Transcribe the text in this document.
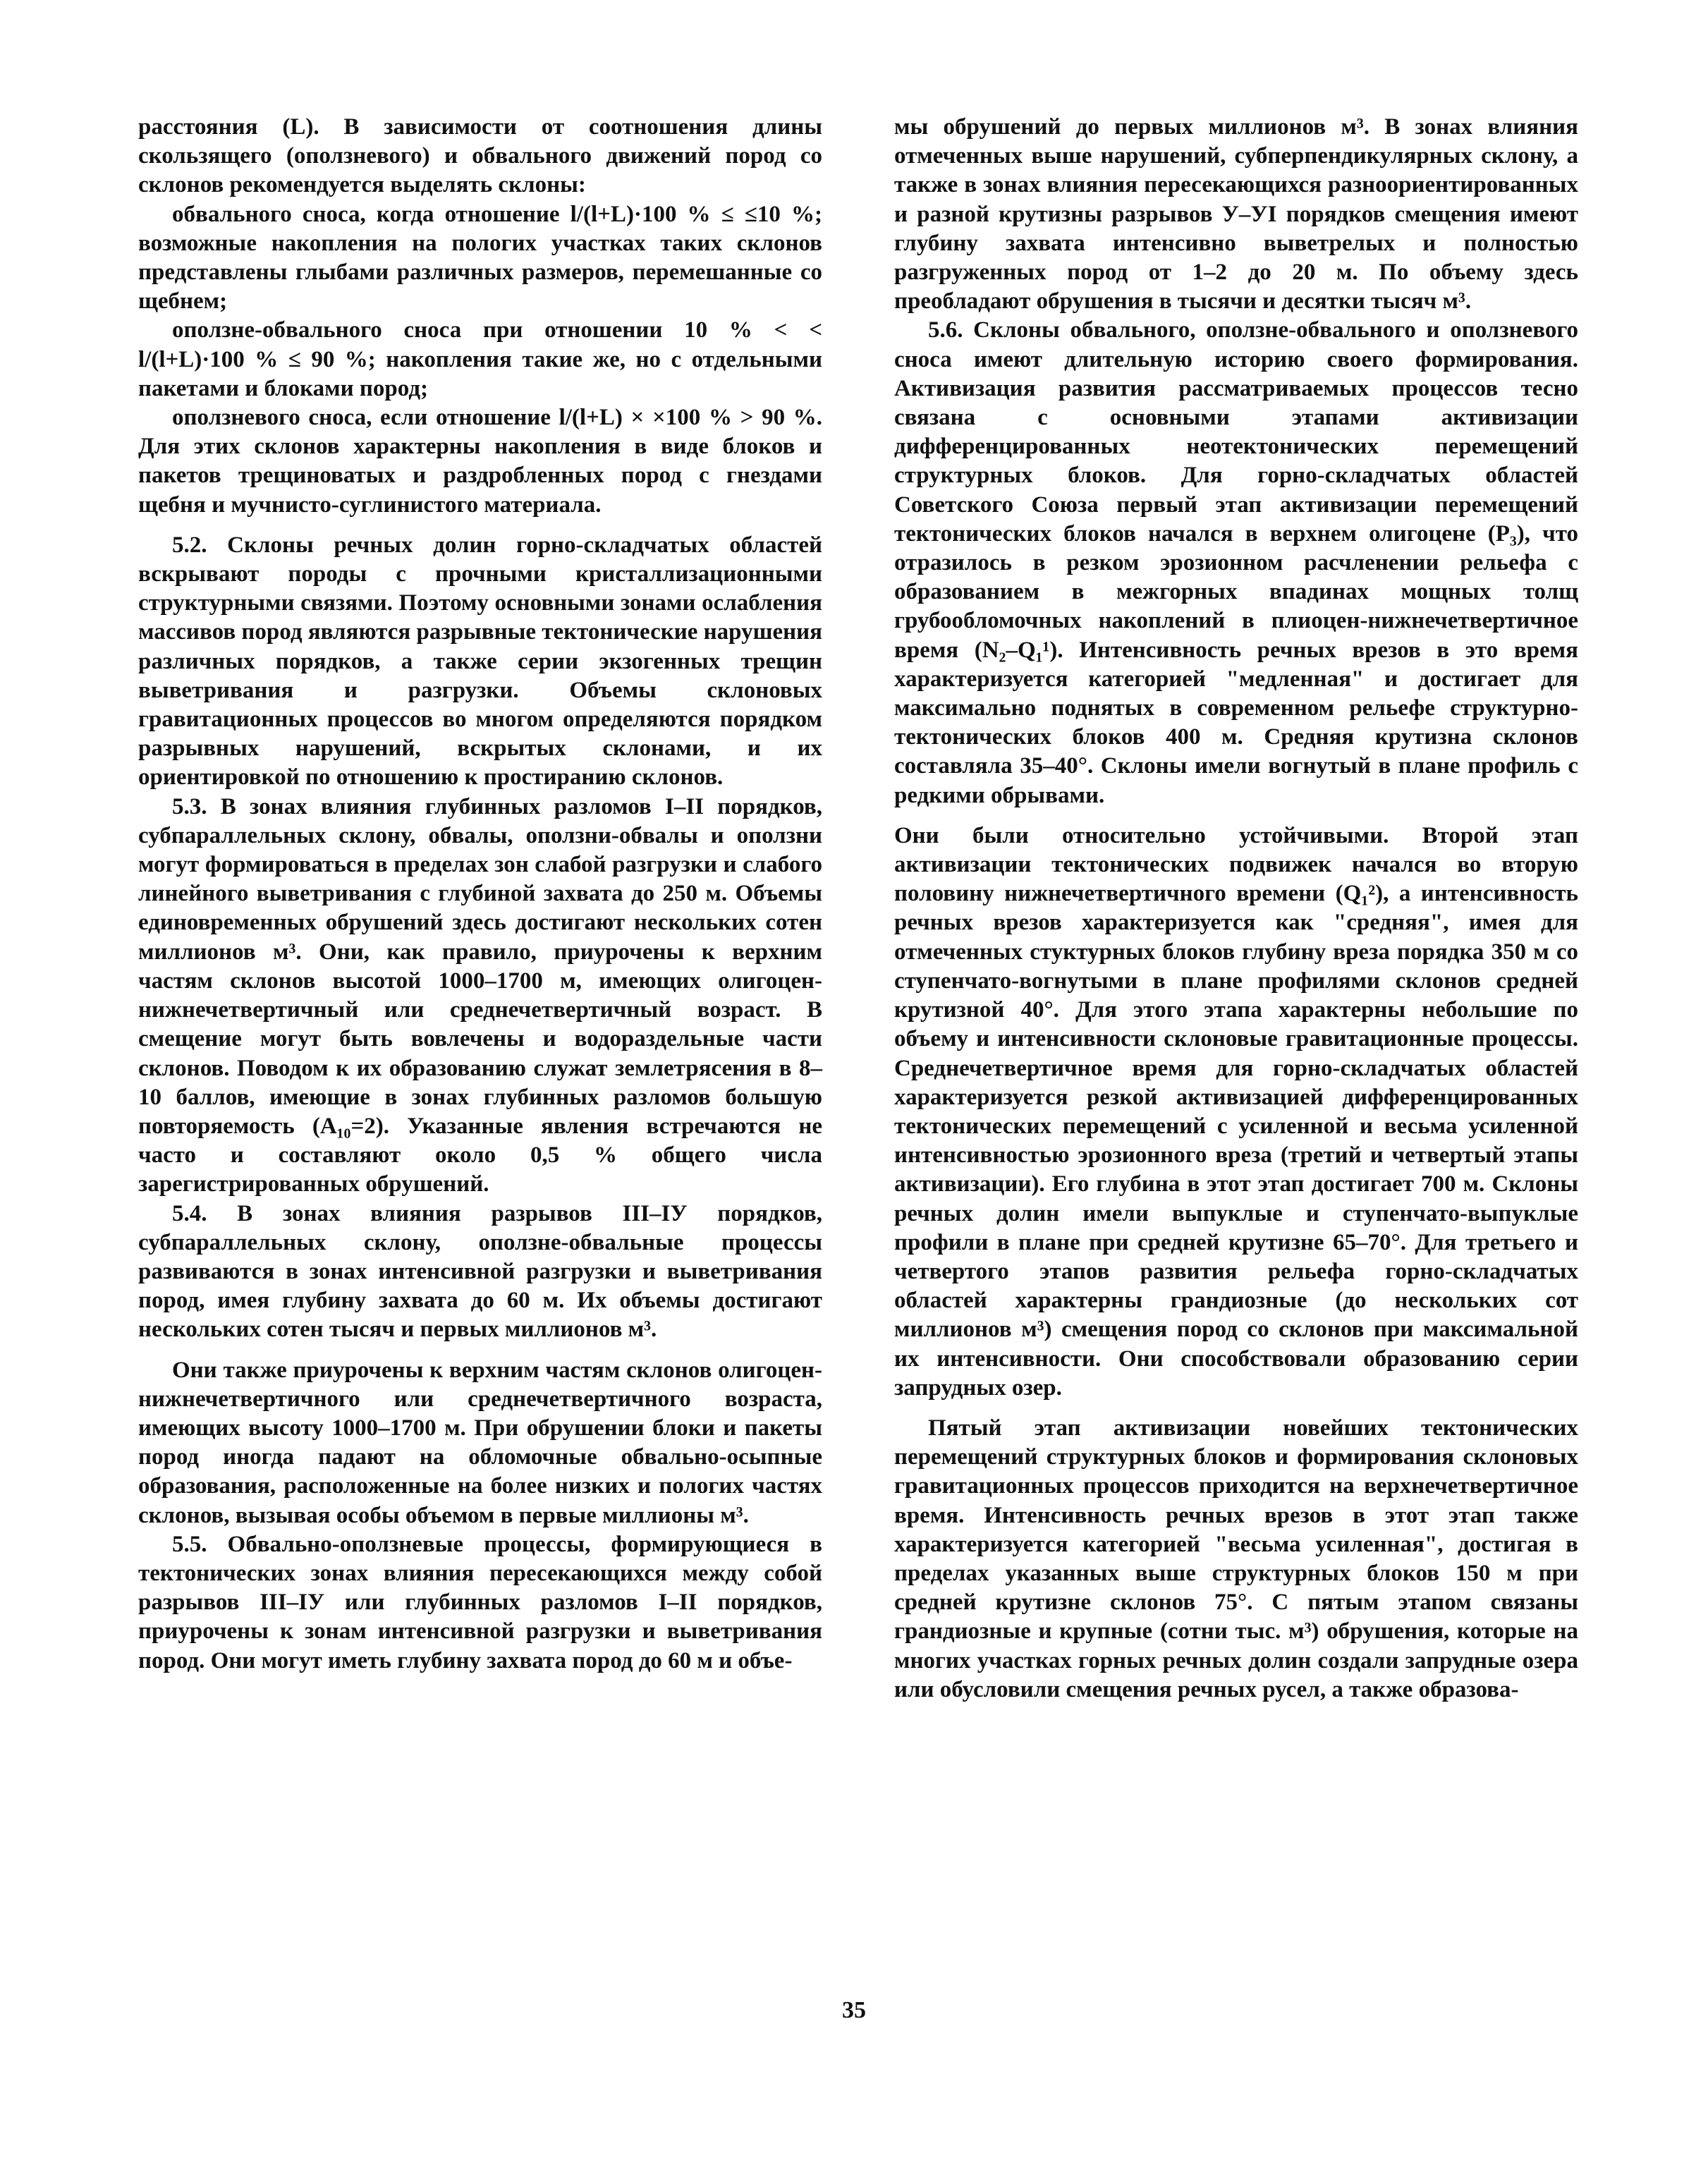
расстояния (L). В зависимости от соотношения длины скользящего (оползневого) и обвального движений пород со склонов рекомендуется выделять склоны:

обвального сноса, когда отношение l/(l+L)·100 % ≤ ≤10 %; возможные накопления на пологих участках таких склонов представлены глыбами различных размеров, перемешанные со щебнем;

оползне-обвального сноса при отношении 10 % < < l/(l+L)·100 % ≤ 90 %; накопления такие же, но с отдельными пакетами и блоками пород;

оползневого сноса, если отношение l/(l+L) × ×100 % > 90 %. Для этих склонов характерны накопления в виде блоков и пакетов трещиноватых и раздробленных пород с гнездами щебня и мучнисто-суглинистого материала.

5.2. Склоны речных долин горно-складчатых областей вскрывают породы с прочными кристаллизационными структурными связями. Поэтому основными зонами ослабления массивов пород являются разрывные тектонические нарушения различных порядков, а также серии экзогенных трещин выветривания и разгрузки. Объемы склоновых гравитационных процессов во многом определяются порядком разрывных нарушений, вскрытых склонами, и их ориентировкой по отношению к простиранию склонов.

5.3. В зонах влияния глубинных разломов I–II порядков, субпараллельных склону, обвалы, оползни-обвалы и оползни могут формироваться в пределах зон слабой разгрузки и слабого линейного выветривания с глубиной захвата до 250 м. Объемы единовременных обрушений здесь достигают нескольких сотен миллионов м³. Они, как правило, приурочены к верхним частям склонов высотой 1000–1700 м, имеющих олигоцен-нижнечетвертичный или среднечетвертичный возраст. В смещение могут быть вовлечены и водораздельные части склонов. Поводом к их образованию служат землетрясения в 8–10 баллов, имеющие в зонах глубинных разломов большую повторяемость (A₁₀=2). Указанные явления встречаются не часто и составляют около 0,5 % общего числа зарегистрированных обрушений.

5.4. В зонах влияния разрывов III–IУ порядков, субпараллельных склону, оползне-обвальные процессы развиваются в зонах интенсивной разгрузки и выветривания пород, имея глубину захвата до 60 м. Их объемы достигают нескольких сотен тысяч и первых миллионов м³.

Они также приурочены к верхним частям склонов олигоцен-нижнечетвертичного или среднечетвертичного возраста, имеющих высоту 1000–1700 м. При обрушении блоки и пакеты пород иногда падают на обломочные обвально-осыпные образования, расположенные на более низких и пологих частях склонов, вызывая особы объемом в первые миллионы м³.

5.5. Обвально-оползневые процессы, формирующиеся в тектонических зонах влияния пересекающихся между собой разрывов III–IУ или глубинных разломов I–II порядков, приурочены к зонам интенсивной разгрузки и выветривания пород. Они могут иметь глубину захвата пород до 60 м и объе-

мы обрушений до первых миллионов м³. В зонах влияния отмеченных выше нарушений, субперпендикулярных склону, а также в зонах влияния пересекающихся разноориентированных и разной крутизны разрывов У–УI порядков смещения имеют глубину захвата интенсивно выветрелых и полностью разгруженных пород от 1–2 до 20 м. По объему здесь преобладают обрушения в тысячи и десятки тысяч м³.

5.6. Склоны обвального, оползне-обвального и оползневого сноса имеют длительную историю своего формирования. Активизация развития рассматриваемых процессов тесно связана с основными этапами активизации дифференцированных неотектонических перемещений структурных блоков. Для горно-складчатых областей Советского Союза первый этап активизации перемещений тектонических блоков начался в верхнем олигоцене (P₃), что отразилось в резком эрозионном расчленении рельефа с образованием в межгорных впадинах мощных толщ грубообломочных накоплений в плиоцен-нижнечетвертичное время (N₂–Q₁¹). Интенсивность речных врезов в это время характеризуется категорией "медленная" и достигает для максимально поднятых в современном рельефе структурно-тектонических блоков 400 м. Средняя крутизна склонов составляла 35–40°. Склоны имели вогнутый в плане профиль с редкими обрывами.

Они были относительно устойчивыми. Второй этап активизации тектонических подвижек начался во вторую половину нижнечетвертичного времени (Q₁²), а интенсивность речных врезов характеризуется как "средняя", имея для отмеченных стуктурных блоков глубину вреза порядка 350 м со ступенчато-вогнутыми в плане профилями склонов средней крутизной 40°. Для этого этапа характерны небольшие по объему и интенсивности склоновые гравитационные процессы. Среднечетвертичное время для горно-складчатых областей характеризуется резкой активизацией дифференцированных тектонических перемещений с усиленной и весьма усиленной интенсивностью эрозионного вреза (третий и четвертый этапы активизации). Его глубина в этот этап достигает 700 м. Склоны речных долин имели выпуклые и ступенчато-выпуклые профили в плане при средней крутизне 65–70°. Для третьего и четвертого этапов развития рельефа горно-складчатых областей характерны грандиозные (до нескольких сот миллионов м³) смещения пород со склонов при максимальной их интенсивности. Они способствовали образованию серии запрудных озер.

Пятый этап активизации новейших тектонических перемещений структурных блоков и формирования склоновых гравитационных процессов приходится на верхнечетвертичное время. Интенсивность речных врезов в этот этап также характеризуется категорией "весьма усиленная", достигая в пределах указанных выше структурных блоков 150 м при средней крутизне склонов 75°. С пятым этапом связаны грандиозные и крупные (сотни тыс. м³) обрушения, которые на многих участках горных речных долин создали запрудные озера или обусловили смещения речных русел, а также образова-

35
